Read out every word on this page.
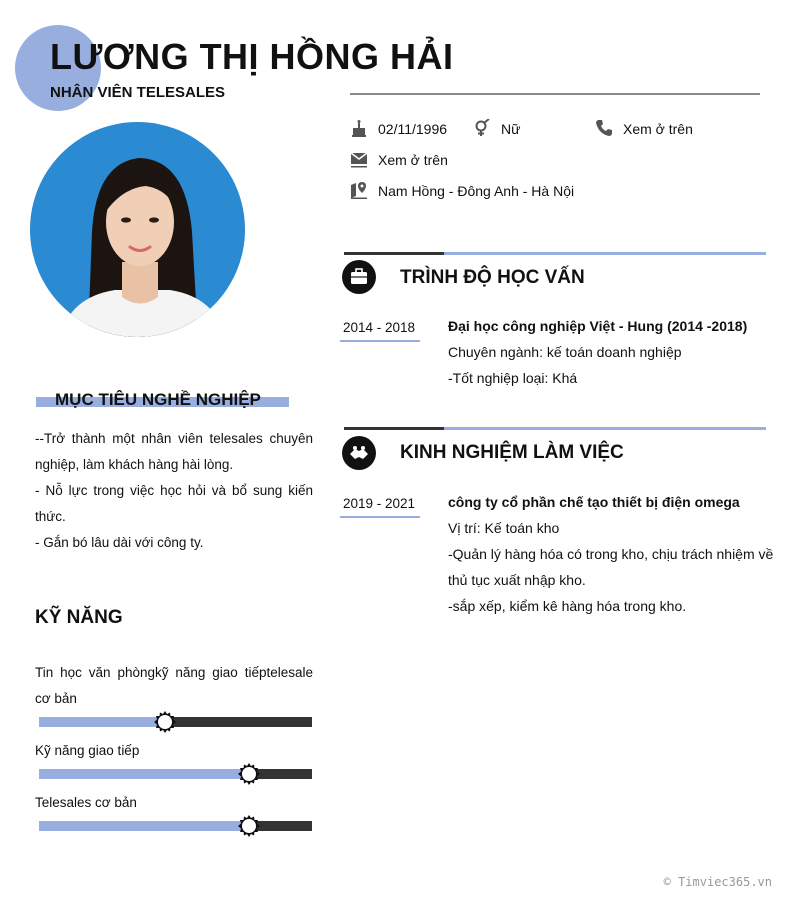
LƯƠNG THỊ HỒNG HẢI
NHÂN VIÊN TELESALES
02/11/1996	Nữ	Xem ở trên
Xem ở trên
Nam Hồng - Đông Anh - Hà Nội
TRÌNH ĐỘ HỌC VẤN
2014 - 2018 Đại học công nghiệp Việt - Hung (2014 -2018)
Chuyên ngành: kế toán doanh nghiệp
-Tốt nghiệp loại: Khá
KINH NGHIỆM LÀM VIỆC
2019 - 2021 công ty cổ phần chế tạo thiết bị điện omega
Vị trí: Kế toán kho
-Quản lý hàng hóa có trong kho, chịu trách nhiệm về thủ tục xuất nhập kho.
-sắp xếp, kiểm kê hàng hóa trong kho.
MỤC TIÊU NGHỀ NGHIỆP
--Trở thành một nhân viên telesales chuyên nghiệp, làm khách hàng hài lòng.
- Nỗ lực trong việc học hỏi và bổ sung kiến thức.
- Gắn bó lâu dài với công ty.
KỸ NĂNG
Tin học văn phòngkỹ năng giao tiếptelesale cơ bản
Kỹ năng giao tiếp
Telesales cơ bản
© Timviec365.vn
